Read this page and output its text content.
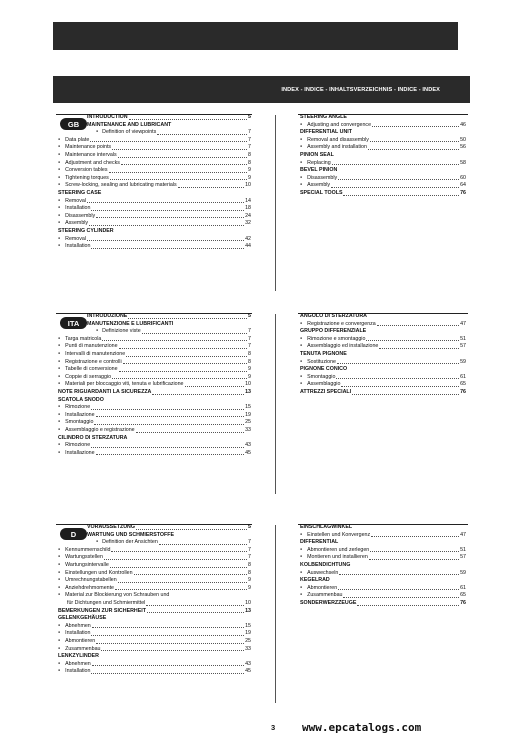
INDEX - INDICE - INHALTSVERZEICHNIS - INDICE - INDEX
GB
INTRODUCTION	5
MAINTENANCE AND LUBRICANT
● Definition of viewpoints	7
● Data plate	7
● Maintenance points	7
● Maintenance intervals	8
● Adjustment and checks	8
● Conversion tables	9
● Tightening torques	9
● Screw-locking, sealing and lubricating materials	10
STEERING CASE
● Removal	14
● Installation	18
● Disassembly	24
● Assembly	32
STEERING CYLINDER
● Removal	42
● Installation	44
STEERING ANGLE
● Adjusting and convergence	46
DIFFERENTIAL UNIT
● Removal and disassembly	50
● Assembly and installation	56
PINION SEAL
● Replacing	58
BEVEL PINION
● Disassembly	60
● Assembly	64
SPECIAL TOOLS	76
ITA
INTRODUZIONE	5
MANUTENZIONE E LUBRIFICANTI
● Definizione viste	7
● Targa matricola	7
● Punti di manutenzione	7
● Intervalli di manutenzione	8
● Registrazione e controlli	8
● Tabelle di conversione	9
● Coppie di serraggio	9
● Materiali per bloccaggio viti, tenuta e lubrificazione	10
NOTE RIGUARDANTI LA SICUREZZA	13
SCATOLA SNODO
● Rimozione	15
● Installazione	19
● Smontaggio	25
● Assemblaggio e registrazione	33
CILINDRO DI STERZATURA
● Rimozione	43
● Installazione	45
ANGOLO DI STERZATURA
● Registrazione e convergenza	47
GRUPPO DIFFERENZIALE
● Rimozione e smontaggio	51
● Assemblaggio ed installazione	57
TENUTA PIGNONE
● Sostituzione	59
PIGNONE CONICO
● Smontaggio	61
● Assemblaggio	65
ATTREZZI SPECIALI	76
D
VORAUSSETZUNG	5
WARTUNG UND SCHMIERSTOFFE
● Definition der Ansichten	7
● Kennummernschild	7
● Wartungsstellen	7
● Wartungsintervalle	8
● Einstellungen und Kontrollen	8
● Umrechnungstabellen	9
● Anziehdrehmomente	9
● Material zur Blockierung von Schrauben und
für Dichtungen und Schmiermittel	10
BEMERKUNGEN ZUR SICHERHEIT	13
GELENKGEHÄUSE
● Abnehmen	15
● Installation	19
● Abmontieren	25
● Zusammenbau	33
LENKZYLINDER
● Abnehmen	43
● Installation	45
EINSCHLAGWINKEL
● Einstellen und Konvergenz	47
DIFFERENTIAL
● Abmontieren und zerlegen	51
● Montieren und installieren	57
KOLBENDICHTUNG
● Auswechseln	59
KEGELRAD
● Abmontieren	61
● Zusammenbau	65
SONDERWERZZEUGE	76
3 www.epcatalogs.com
